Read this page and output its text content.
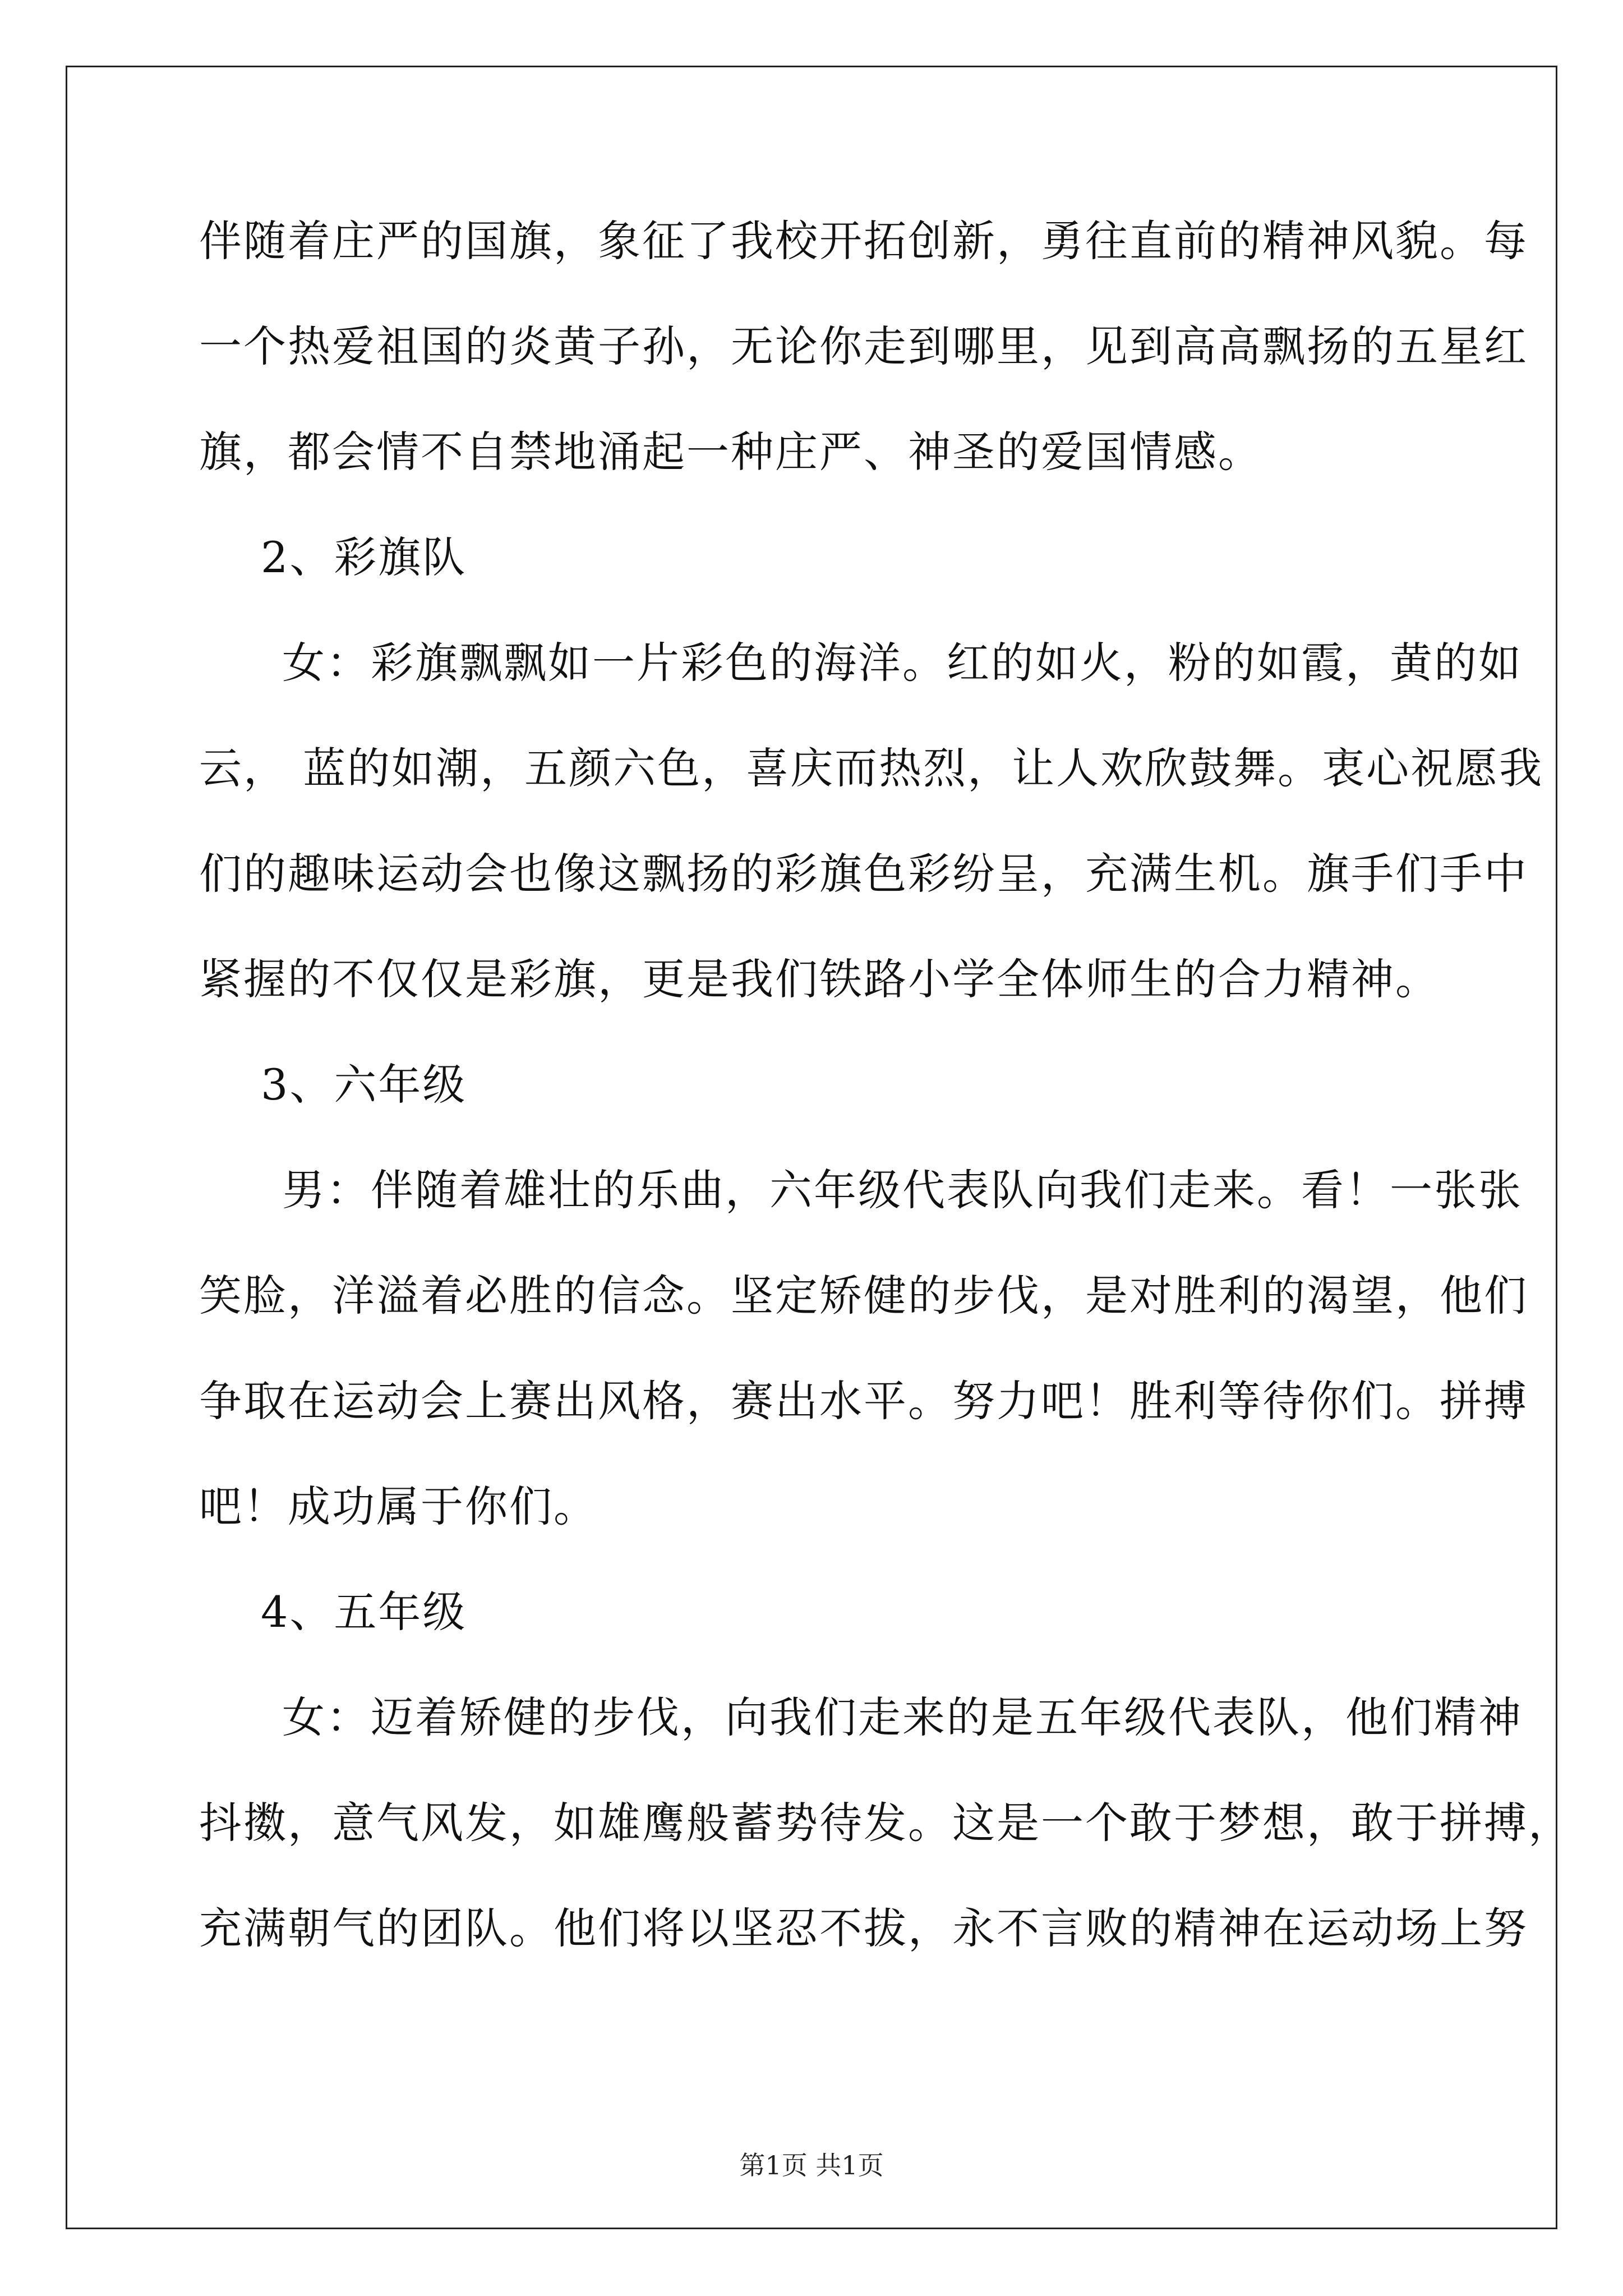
伴随着庄严的国旗，象征了我校开拓创新，勇往直前的精神风貌。每
一个热爱祖国的炎黄子孙，无论你走到哪里，见到高高飘扬的五星红
旗，都会情不自禁地涌起一种庄严、神圣的爱国情感。
2、彩旗队
女：彩旗飘飘如一片彩色的海洋。红的如火，粉的如霞，黄的如
云， 蓝的如潮，五颜六色，喜庆而热烈，让人欢欣鼓舞。衷心祝愿我
们的趣味运动会也像这飘扬的彩旗色彩纷呈，充满生机。旗手们手中
紧握的不仅仅是彩旗，更是我们铁路小学全体师生的合力精神。
3、六年级
男：伴随着雄壮的乐曲，六年级代表队向我们走来。看！一张张
笑脸，洋溢着必胜的信念。坚定矫健的步伐，是对胜利的渴望，他们
争取在运动会上赛出风格，赛出水平。努力吧！胜利等待你们。拼搏
吧！成功属于你们。
4、五年级
女：迈着矫健的步伐，向我们走来的是五年级代表队，他们精神
抖擞，意气风发，如雄鹰般蓄势待发。这是一个敢于梦想，敢于拼搏，
充满朝气的团队。他们将以坚忍不拔，永不言败的精神在运动场上努
第1页 共1页
